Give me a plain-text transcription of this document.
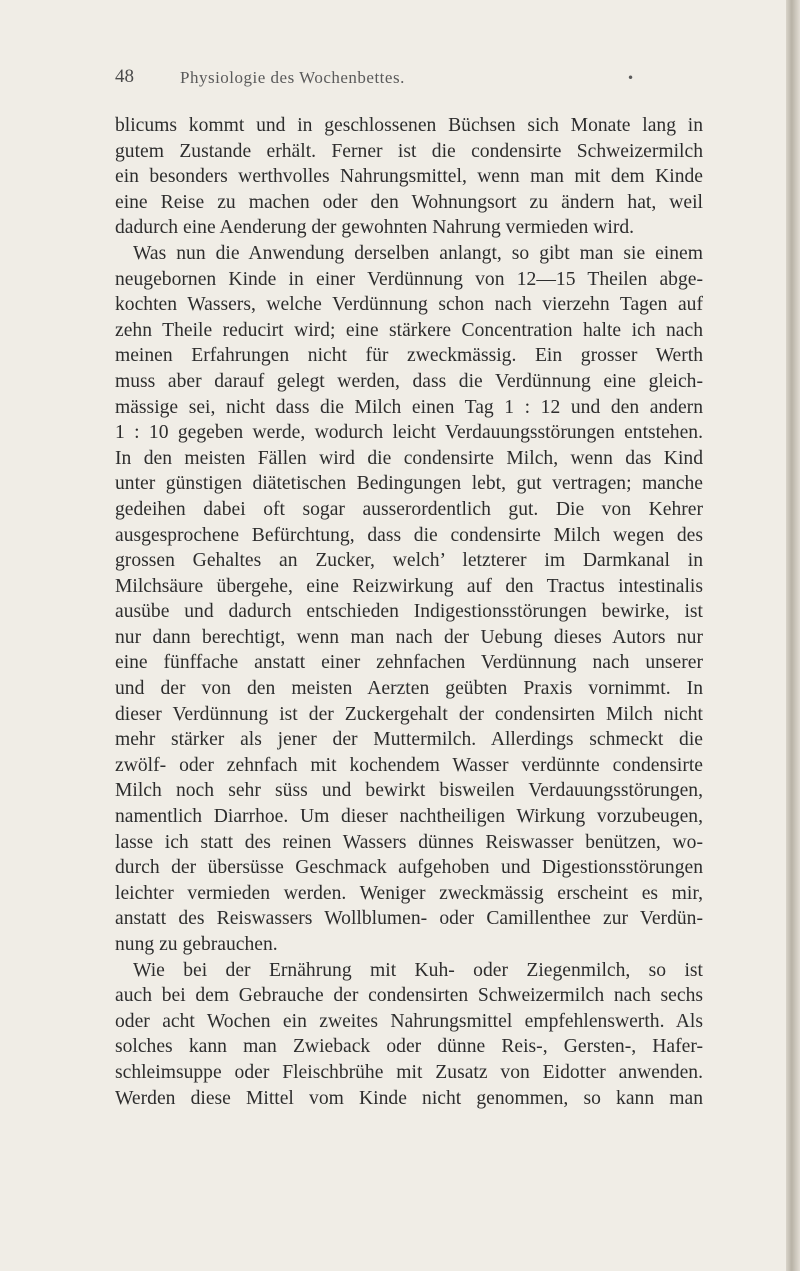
48	Physiologie des Wochenbettes.	•
blicums kommt und in geschlossenen Büchsen sich Monate lang in
gutem Zustande erhält. Ferner ist die condensirte Schweizermilch
ein besonders werthvolles Nahrungsmittel, wenn man mit dem Kinde
eine Reise zu machen oder den Wohnungsort zu ändern hat, weil
dadurch eine Aenderung der gewohnten Nahrung vermieden wird.
Was nun die Anwendung derselben anlangt, so gibt man sie einem
neugebornen Kinde in einer Verdünnung von 12—15 Theilen abge-
kochten Wassers, welche Verdünnung schon nach vierzehn Tagen auf
zehn Theile reducirt wird; eine stärkere Concentration halte ich nach
meinen Erfahrungen nicht für zweckmässig. Ein grosser Werth
muss aber darauf gelegt werden, dass die Verdünnung eine gleich-
mässige sei, nicht dass die Milch einen Tag 1 : 12 und den andern
1 : 10 gegeben werde, wodurch leicht Verdauungsstörungen entstehen.
In den meisten Fällen wird die condensirte Milch, wenn das Kind
unter günstigen diätetischen Bedingungen lebt, gut vertragen; manche
gedeihen dabei oft sogar ausserordentlich gut. Die von Kehrer
ausgesprochene Befürchtung, dass die condensirte Milch wegen des
grossen Gehaltes an Zucker, welch’ letzterer im Darmkanal in
Milchsäure übergehe, eine Reizwirkung auf den Tractus intestinalis
ausübe und dadurch entschieden Indigestionsstörungen bewirke, ist
nur dann berechtigt, wenn man nach der Uebung dieses Autors nur
eine fünffache anstatt einer zehnfachen Verdünnung nach unserer
und der von den meisten Aerzten geübten Praxis vornimmt. In
dieser Verdünnung ist der Zuckergehalt der condensirten Milch nicht
mehr stärker als jener der Muttermilch. Allerdings schmeckt die
zwölf- oder zehnfach mit kochendem Wasser verdünnte condensirte
Milch noch sehr süss und bewirkt bisweilen Verdauungsstörungen,
namentlich Diarrhoe. Um dieser nachtheiligen Wirkung vorzubeugen,
lasse ich statt des reinen Wassers dünnes Reiswasser benützen, wo-
durch der übersüsse Geschmack aufgehoben und Digestionsstörungen
leichter vermieden werden. Weniger zweckmässig erscheint es mir,
anstatt des Reiswassers Wollblumen- oder Camillenthee zur Verdün-
nung zu gebrauchen.
Wie bei der Ernährung mit Kuh- oder Ziegenmilch, so ist
auch bei dem Gebrauche der condensirten Schweizermilch nach sechs
oder acht Wochen ein zweites Nahrungsmittel empfehlenswerth. Als
solches kann man Zwieback oder dünne Reis-, Gersten-, Hafer-
schleimsuppe oder Fleischbrühe mit Zusatz von Eidotter anwenden.
Werden diese Mittel vom Kinde nicht genommen, so kann man
